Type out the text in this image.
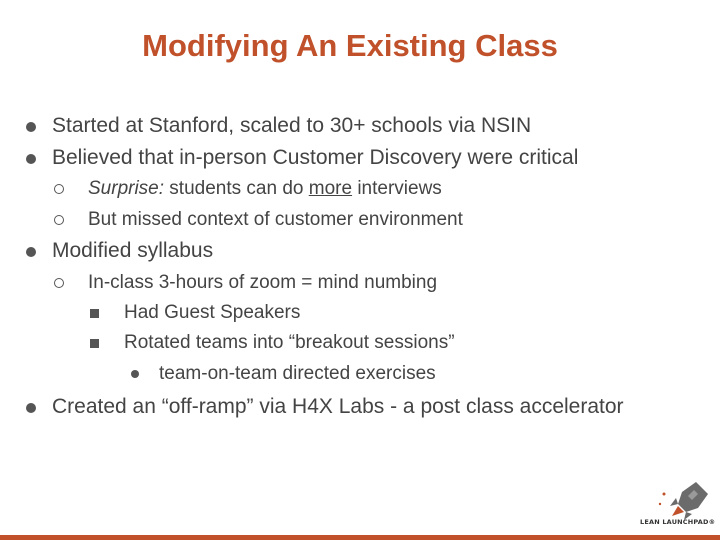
Modifying An Existing Class
Started at Stanford, scaled to 30+ schools via NSIN
Believed that in-person Customer Discovery were critical
Surprise: students can do more interviews
But missed context of customer environment
Modified syllabus
In-class 3-hours of zoom = mind numbing
Had Guest Speakers
Rotated teams into “breakout sessions”
team-on-team directed exercises
Created an “off-ramp” via H4X Labs - a post class accelerator
LEAN LAUNCHPAD®
